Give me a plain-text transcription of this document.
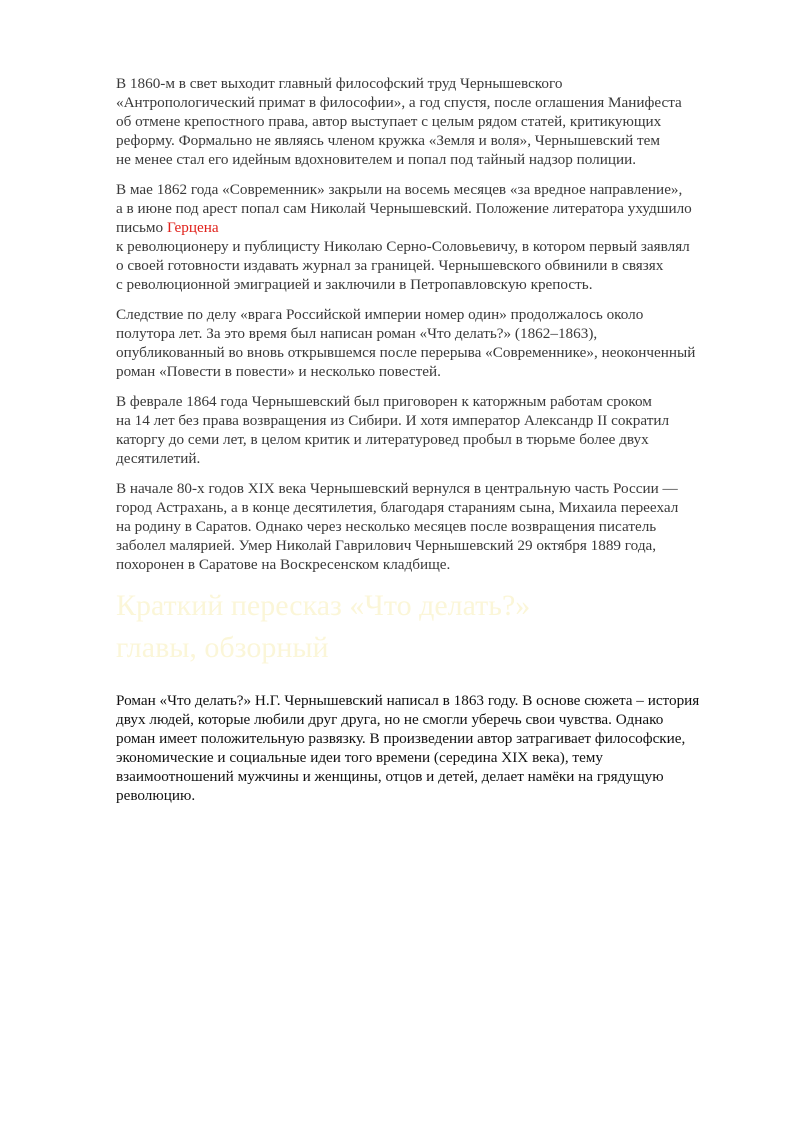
В 1860-м в свет выходит главный философский труд Чернышевского
«Антропологический примат в философии», а год спустя, после оглашения Манифеста
об отмене крепостного права, автор выступает с целым рядом статей, критикующих
реформу. Формально не являясь членом кружка «Земля и воля», Чернышевский тем
не менее стал его идейным вдохновителем и попал под тайный надзор полиции.

В мае 1862 года «Современник» закрыли на восемь месяцев «за вредное направление»,
а в июне под арест попал сам Николай Чернышевский. Положение литератора ухудшило
письмо Герцена
к революционеру и публицисту Николаю Серно-Соловьевичу, в котором первый заявлял
о своей готовности издавать журнал за границей. Чернышевского обвинили в связях
с революционной эмиграцией и заключили в Петропавловскую крепость.

Следствие по делу «врага Российской империи номер один» продолжалось около
полутора лет. За это время был написан роман «Что делать?» (1862–1863),
опубликованный во вновь открывшемся после перерыва «Современнике», неоконченный
роман «Повести в повести» и несколько повестей.

В феврале 1864 года Чернышевский был приговорен к каторжным работам сроком
на 14 лет без права возвращения из Сибири. И хотя император Александр II сократил
каторгу до семи лет, в целом критик и литературовед пробыл в тюрьме более двух
десятилетий.

В начале 80-х годов XIX века Чернышевский вернулся в центральную часть России —
город Астрахань, а в конце десятилетия, благодаря стараниям сына, Михаила переехал
на родину в Саратов. Однако через несколько месяцев после возвращения писатель
заболел малярией. Умер Николай Гаврилович Чернышевский 29 октября 1889 года,
похоронен в Саратове на Воскресенском кладбище.

Краткий пересказ «Что делать?»
главы, обзорный

Роман «Что делать?» Н.Г. Чернышевский написал в 1863 году. В основе сюжета – история
двух людей, которые любили друг друга, но не смогли уберечь свои чувства. Однако
роман имеет положительную развязку. В произведении автор затрагивает философские,
экономические и социальные идеи того времени (середина XIX века), тему
взаимоотношений мужчины и женщины, отцов и детей, делает намёки на грядущую
революцию.
